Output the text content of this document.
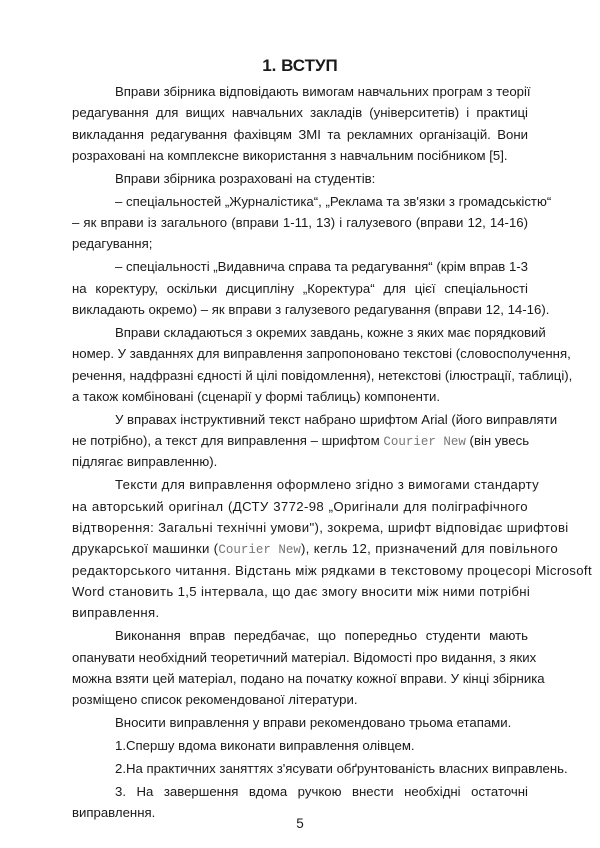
1. ВСТУП
Вправи збірника відповідають вимогам навчальних програм з теорії
редагування для вищих навчальних закладів (університетів) і практиці
викладання редагування фахівцям ЗМІ та рекламних організацій. Вони
розраховані на комплексне використання з навчальним посібником [5].
Вправи збірника розраховані на студентів:
– спеціальностей „Журналістика“, „Реклама та зв'язки з громадськістю“
– як вправи із загального (вправи 1-11, 13) і галузевого (вправи 12, 14-16)
редагування;
– спеціальності „Видавнича справа та редагування“ (крім вправ 1-3
на коректуру, оскільки дисципліну „Коректура“ для цієї спеціальності
викладають окремо) – як вправи з галузевого редагування (вправи 12, 14-16).
Вправи складаються з окремих завдань, кожне з яких має порядковий
номер. У завданнях для виправлення запропоновано текстові (словосполучення,
речення, надфразні єдності й цілі повідомлення), нетекстові (ілюстрації, таблиці),
а також комбіновані (сценарії у формі таблиць) компоненти.
У вправах інструктивний текст набрано шрифтом Arial (його виправляти
не потрібно), а текст для виправлення – шрифтом Courier New (він увесь
підлягає виправленню).
Тексти для виправлення оформлено згідно з вимогами стандарту
на авторський оригінал (ДСТУ 3772-98 „Оригінали для поліграфічного
відтворення: Загальні технічні умови"), зокрема, шрифт відповідає шрифтові
друкарської машинки (Courier New), кегль 12, призначений для повільного
редакторського читання. Відстань між рядками в текстовому процесорі Microsoft
Word становить 1,5 інтервала, що дає змогу вносити між ними потрібні
виправлення.
Виконання вправ передбачає, що попередньо студенти мають
опанувати необхідний теоретичний матеріал. Відомості про видання, з яких
можна взяти цей матеріал, подано на початку кожної вправи. У кінці збірника
розміщено список рекомендованої літератури.
Вносити виправлення у вправи рекомендовано трьома етапами.
1.Спершу вдома виконати виправлення олівцем.
2.На практичних заняттях з'ясувати обґрунтованість власних виправлень.
3. На завершення вдома ручкою внести необхідні остаточні
виправлення.
5
